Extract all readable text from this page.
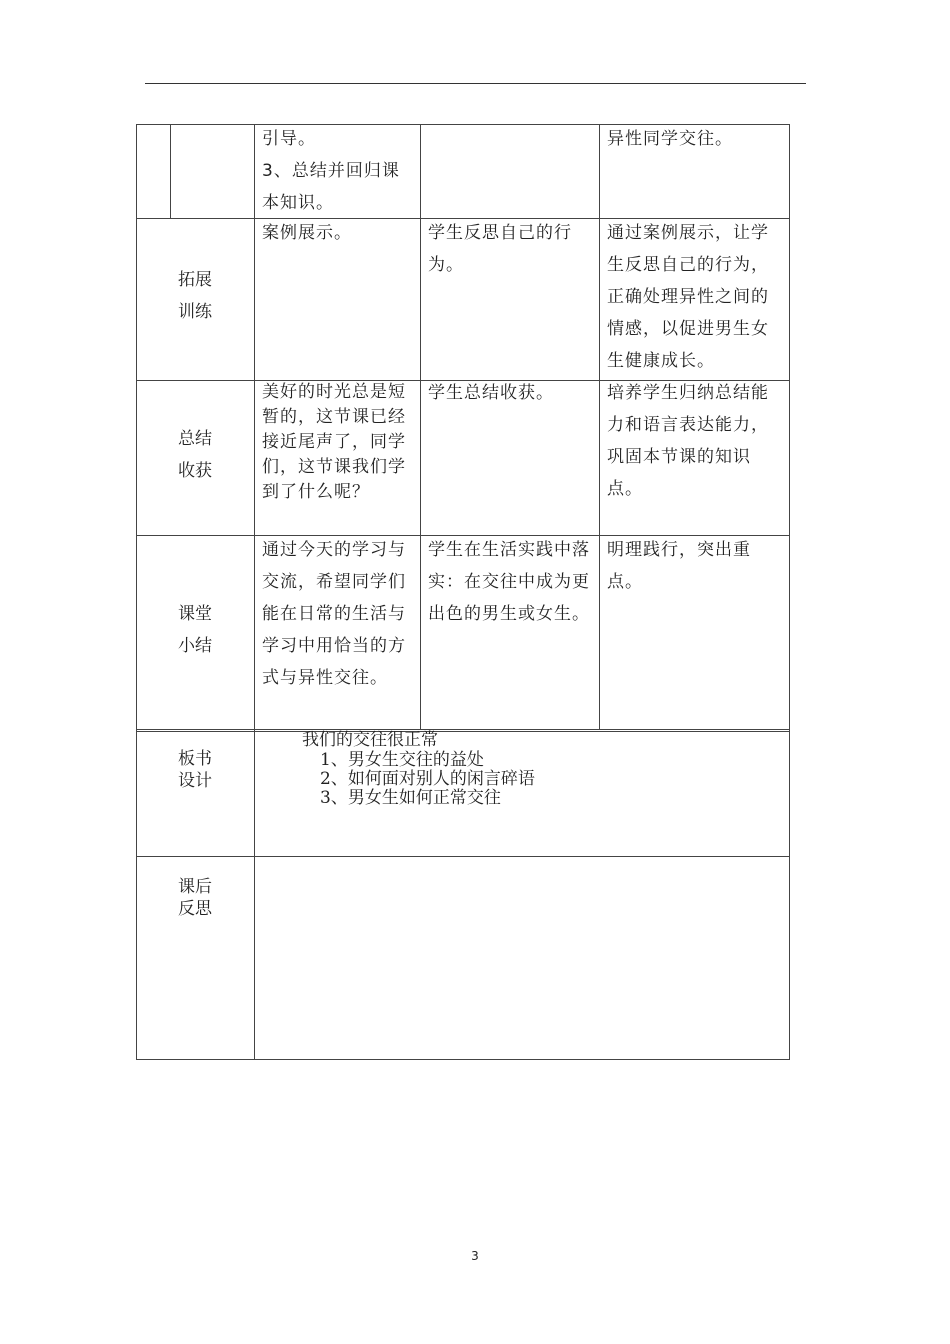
引导。
3、总结并回归课本知识。
异性同学交往。
拓展
训练
案例展示。	学生反思自己的行为。
通过案例展示，让学生反思自己的行为，正确处理异性之间的情感，以促进男生女生健康成长。
总结
收获
美好的时光总是短暂的，这节课已经接近尾声了，同学们，这节课我们学到了什么呢？
学生总结收获。	培养学生归纳总结能力和语言表达能力，巩固本节课的知识点。
课堂
小结
通过今天的学习与交流，希望同学们能在日常的生活与学习中用恰当的方式与异性交往。
学生在生活实践中落实：在交往中成为更出色的男生或女生。
明理践行，突出重点。
板书
设计
我们的交往很正常
1、男女生交往的益处
2、如何面对别人的闲言碎语
3、男女生如何正常交往
课后
反思
3
